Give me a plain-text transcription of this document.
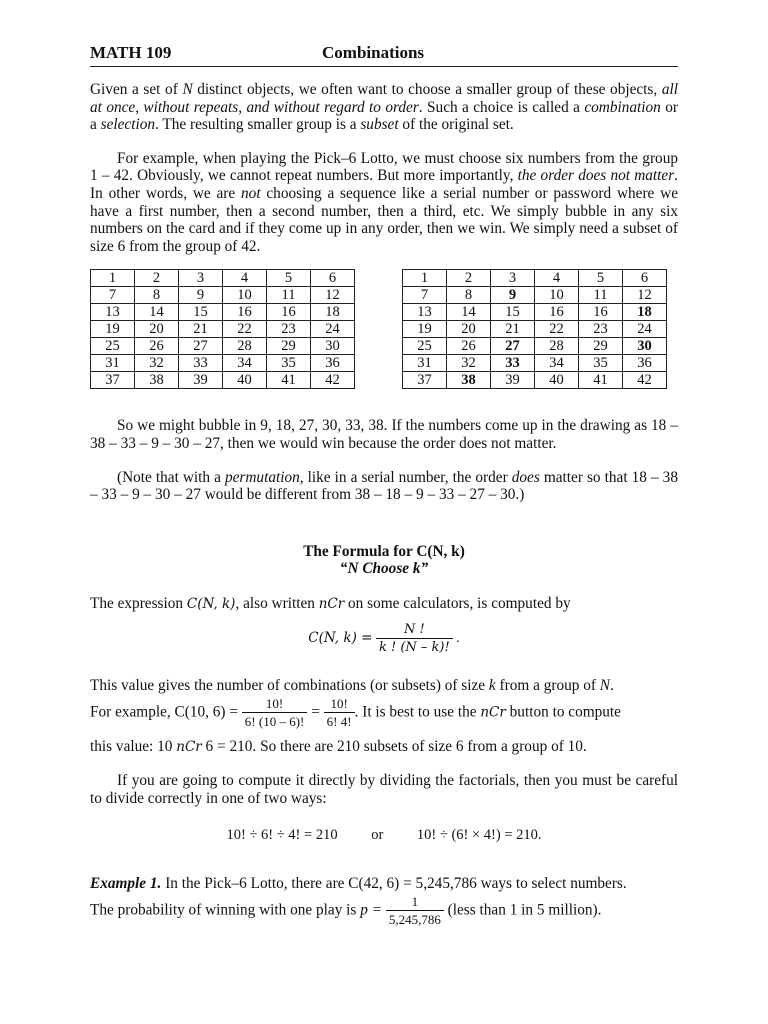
MATH 109	Combinations

Given a set of N distinct objects, we often want to choose a smaller group of these objects, all at once, without repeats, and without regard to order. Such a choice is called a combination or a selection. The resulting smaller group is a subset of the original set.

For example, when playing the Pick–6 Lotto, we must choose six numbers from the group 1 – 42. Obviously, we cannot repeat numbers. But more importantly, the order does not matter. In other words, we are not choosing a sequence like a serial number or password where we have a first number, then a second number, then a third, etc. We simply bubble in any six numbers on the card and if they come up in any order, then we win. We simply need a subset of size 6 from the group of 42.

1	2	3	4	5	6
7	8	9	10	11	12
13	14	15	16	16	18
19	20	21	22	23	24
25	26	27	28	29	30
31	32	33	34	35	36
37	38	39	40	41	42
1	2	3	4	5	6
7	8	9	10	11	12
13	14	15	16	16	18
19	20	21	22	23	24
25	26	27	28	29	30
31	32	33	34	35	36
37	38	39	40	41	42

So we might bubble in 9, 18, 27, 30, 33, 38. If the numbers come up in the drawing as 18 – 38 – 33 – 9 – 30 – 27, then we would win because the order does not matter.

(Note that with a permutation, like in a serial number, the order does matter so that 18 – 38 – 33 – 9 – 30 – 27 would be different from 38 – 18 – 9 – 33 – 27 – 30.)

The Formula for C(N, k)
“N Choose k”

The expression C(N, k), also written nCr on some calculators, is computed by

C(N, $k) = \frac{N !}{k ! (N - k)!}$ .

This value gives the number of combinations (or subsets) of size k from a group of N.

For example, C(10, $6) = \frac{10!}{6! (10 - 6)!} = \frac{10!}{6! 4!}$ . It is best to use the nCr button to compute

this value: 10 nCr 6 = 210. So there are 210 subsets of size 6 from a group of 10.

If you are going to compute it directly by dividing the factorials, then you must be careful to divide correctly in one of two ways:

10! ÷ 6! ÷ 4! = 210 or 10! ÷ (6! × 4!) = 210.

Example 1. In the Pick–6 Lotto, there are C(42, 6) = 5,245,786 ways to select numbers.
The probability of winning with one play is $p = \frac{1}{5,245,786}$ (less than 1 in 5 million).
